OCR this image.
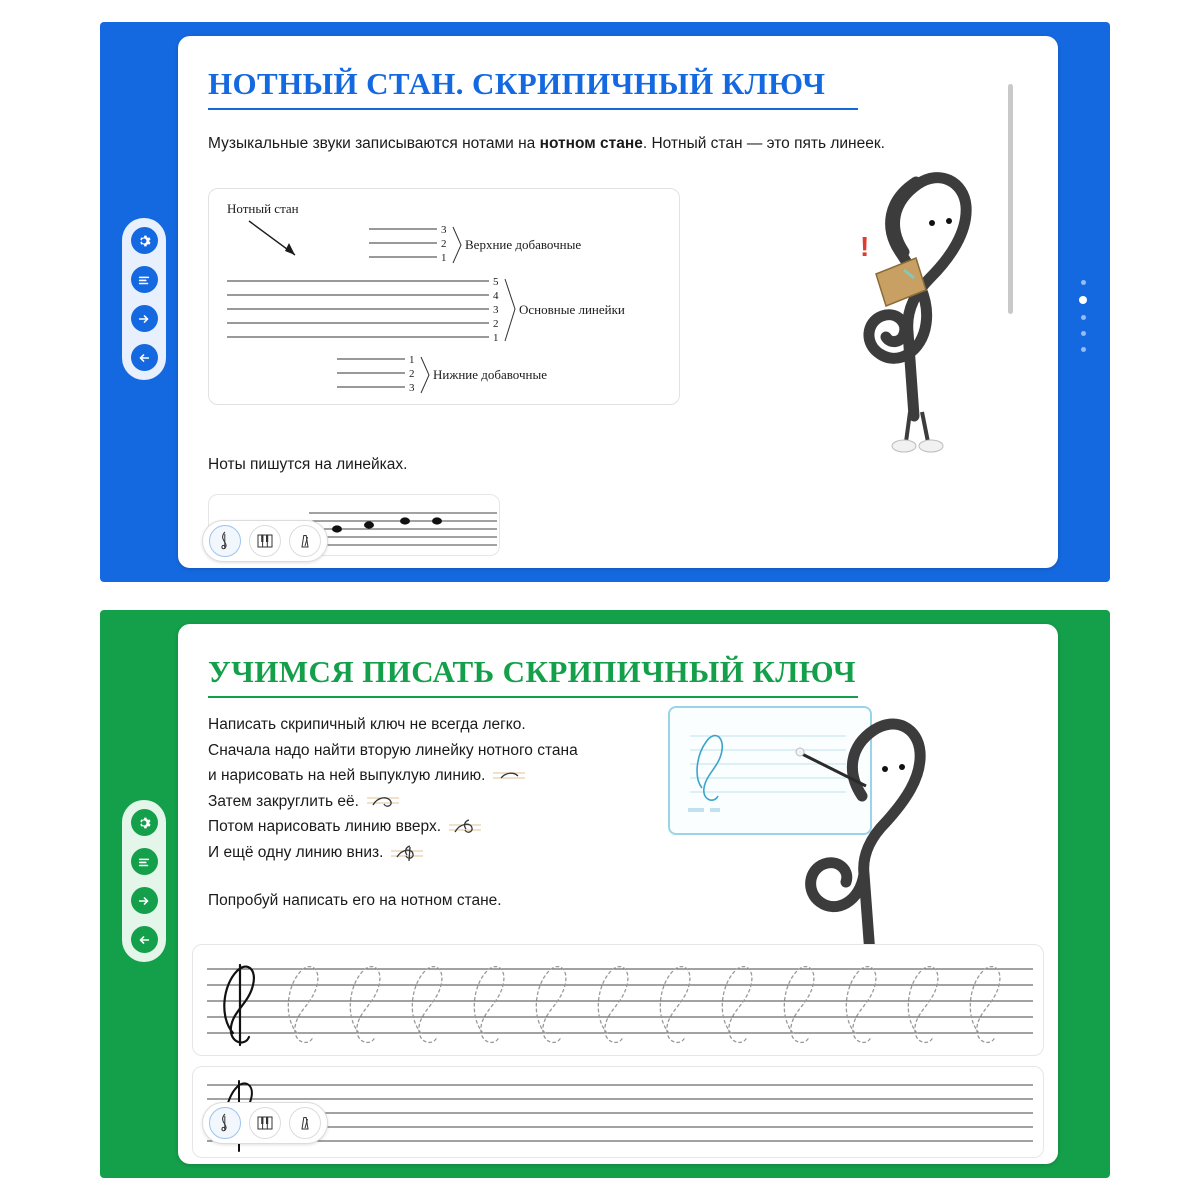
НОТНЫЙ СТАН. СКРИПИЧНЫЙ КЛЮЧ
Музыкальные звуки записываются нотами на нотном стане. Нотный стан — это пять линеек.
Нотный стан
3
2
1
Верхние добавочные
5
4
3
2
1
Основные линейки
1
2
3
Нижние добавочные
Ноты пишутся на линейках.
!
УЧИМСЯ ПИСАТЬ СКРИПИЧНЫЙ КЛЮЧ
Написать скрипичный ключ не всегда легко.
Сначала надо найти вторую линейку нотного стана
и нарисовать на ней выпуклую линию.
Затем закруглить её.
Потом нарисовать линию вверх.
И ещё одну линию вниз.
Попробуй написать его на нотном стане.
